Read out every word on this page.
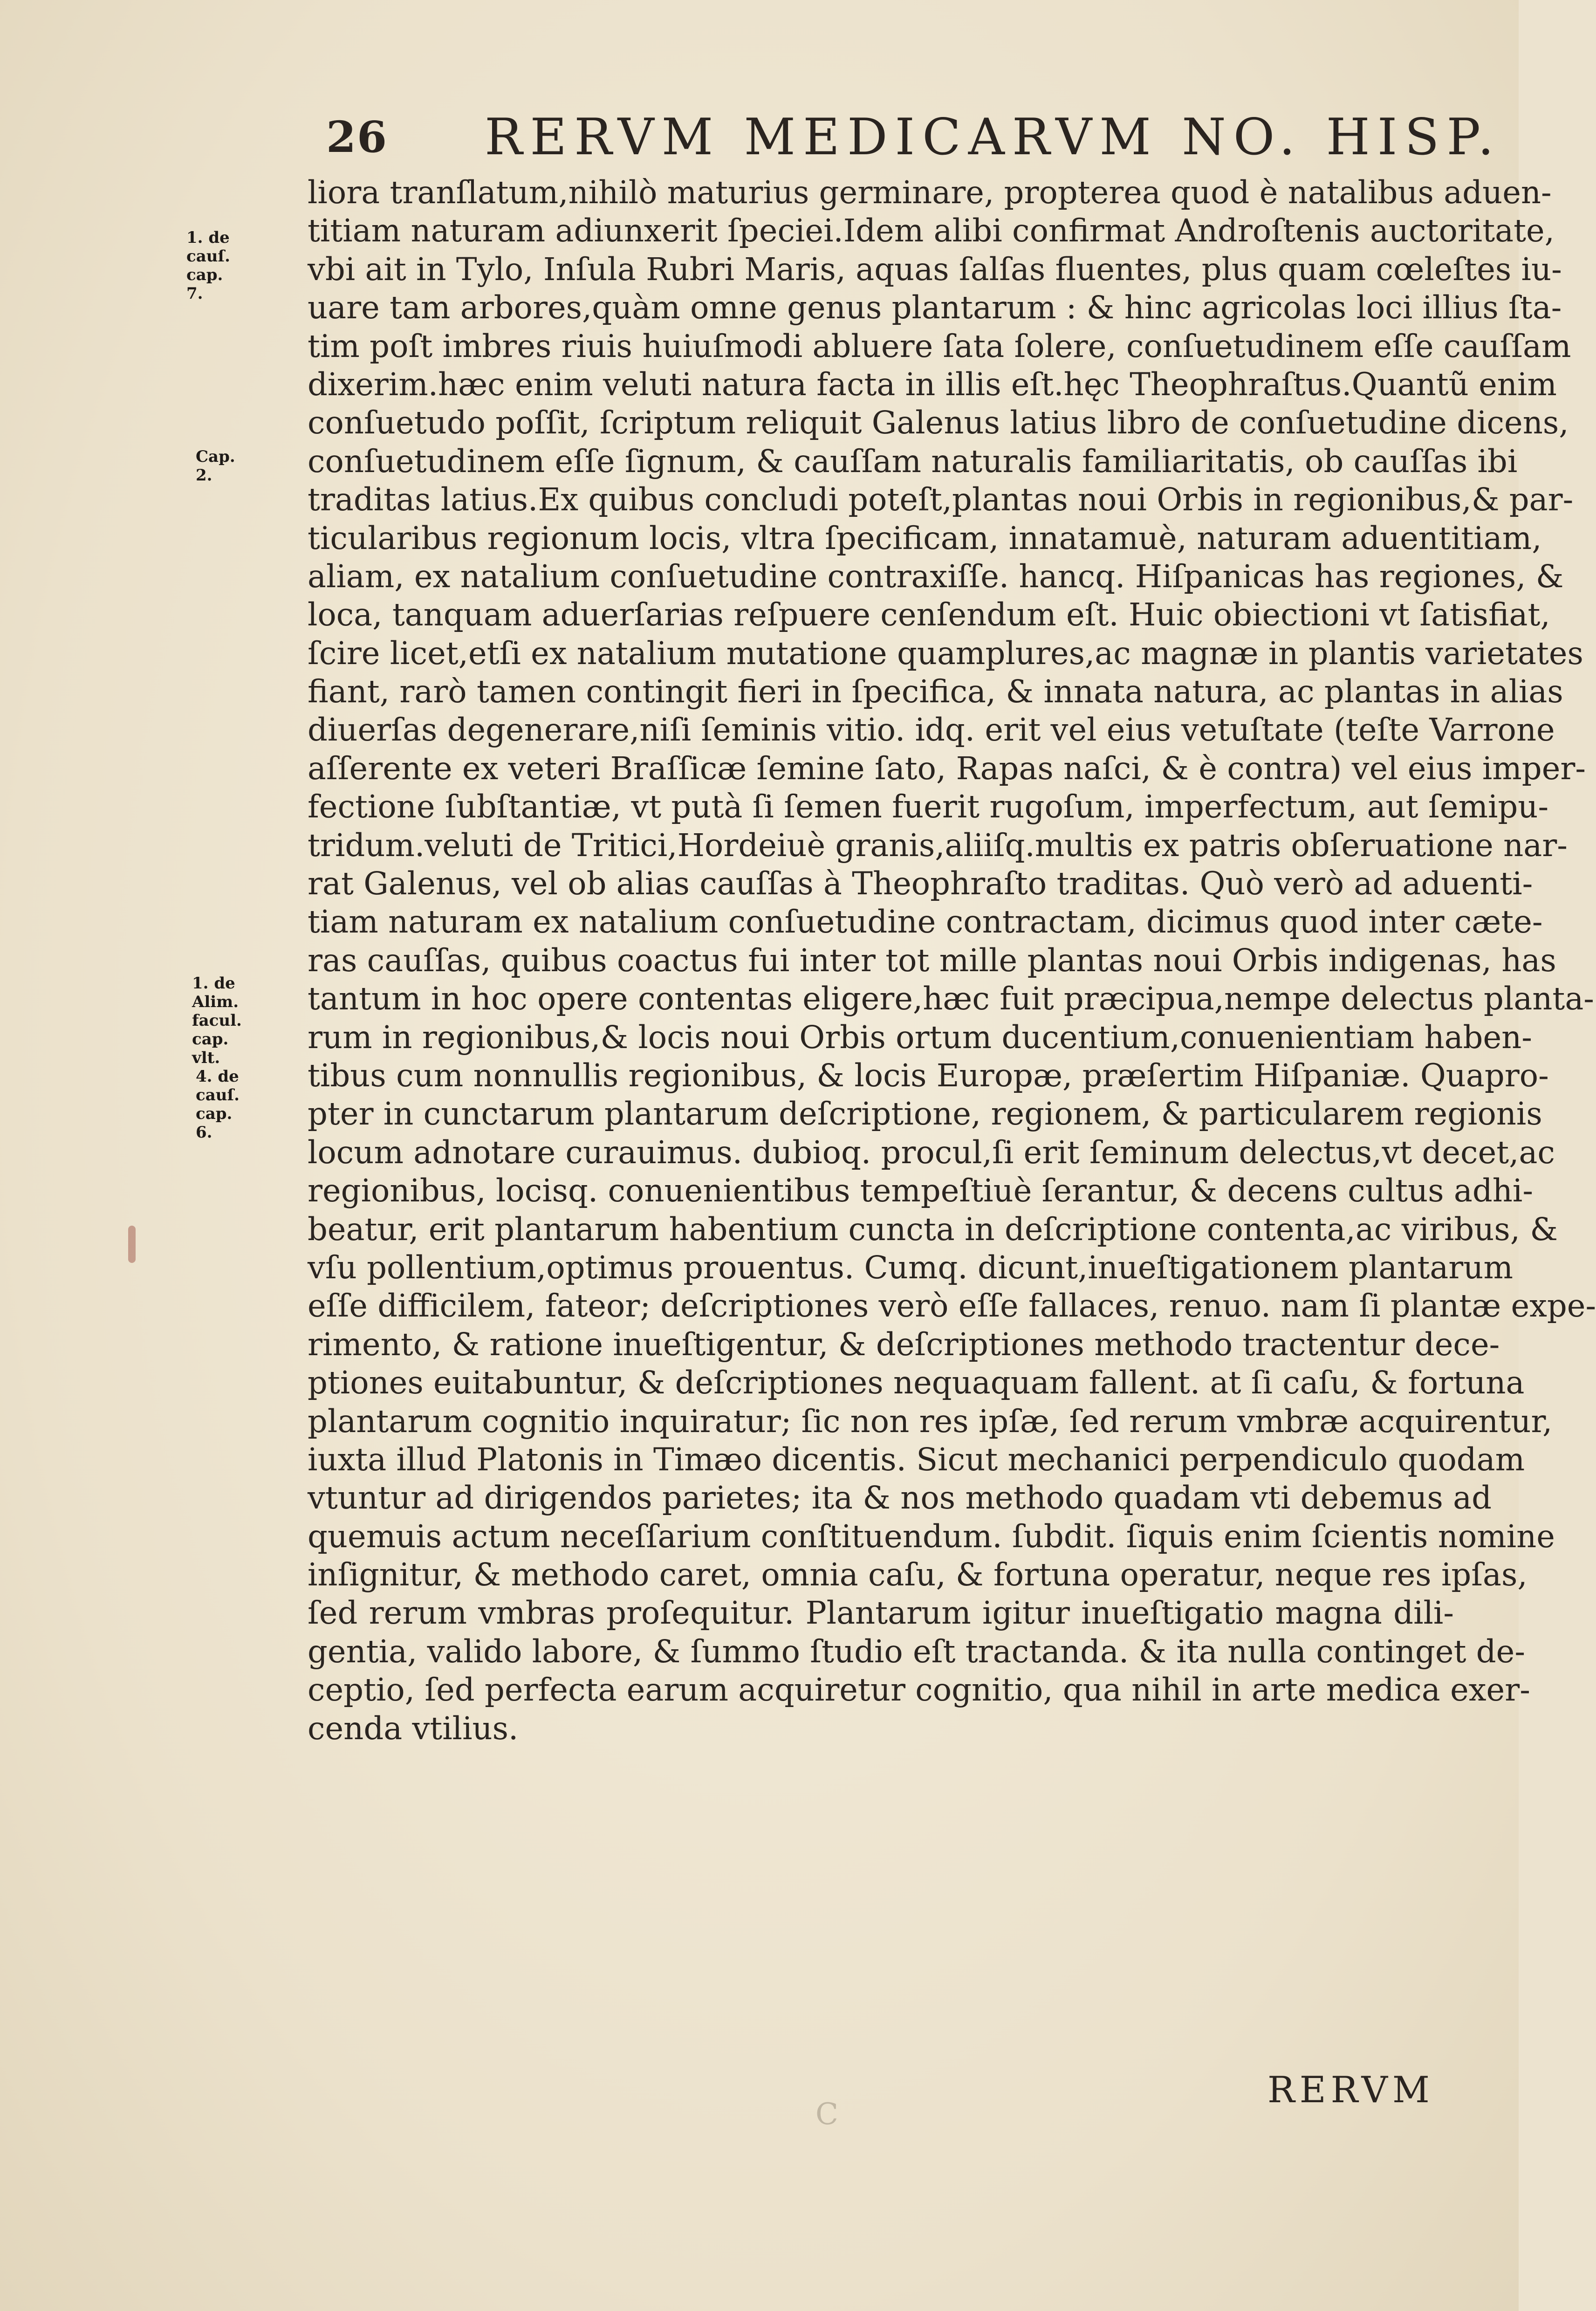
26 RERVM MEDICARVM NO. HISP.
1. de cauſ.
cap. 7.
Cap. 2.
1. de Alim.
facul. cap.
vlt.
4. de cauſ.
cap. 6.
liora tranſlatum,nihilò maturius germinare, propterea quod è natalibus aduen-
titiam naturam adiunxerit ſpeciei.Idem alibi confirmat Androſtenis auctoritate,
vbi ait in Tylo, Inſula Rubri Maris, aquas ſalſas fluentes, plus quam cœleſtes iu-
uare tam arbores,quàm omne genus plantarum : & hinc agricolas loci illius ſta-
tim poſt imbres riuis huiuſmodi abluere ſata ſolere, conſuetudinem eſſe cauſſam
dixerim.hæc enim veluti natura facta in illis eſt.hęc Theophraſtus.Quantũ enim
conſuetudo poſſit, ſcriptum reliquit Galenus latius libro de conſuetudine dicens,
conſuetudinem eſſe ſignum, & cauſſam naturalis familiaritatis, ob cauſſas ibi
traditas latius.Ex quibus concludi poteſt,plantas noui Orbis in regionibus,& par-
ticularibus regionum locis, vltra ſpecificam, innatamuè, naturam aduentitiam,
aliam, ex natalium conſuetudine contraxiſſe. hancq. Hiſpanicas has regiones, &
loca, tanquam aduerſarias reſpuere cenſendum eſt. Huic obiectioni vt ſatisfiat,
ſcire licet,etſi ex natalium mutatione quamplures,ac magnæ in plantis varietates
fiant, rarò tamen contingit fieri in ſpecifica, & innata natura, ac plantas in alias
diuerſas degenerare,niſi ſeminis vitio. idq. erit vel eius vetuſtate (teſte Varrone
aſſerente ex veteri Braſſicæ ſemine ſato, Rapas naſci, & è contra) vel eius imper-
fectione ſubſtantiæ, vt putà ſi ſemen fuerit rugoſum, imperfectum, aut ſemipu-
tridum.veluti de Tritici,Hordeiuè granis,aliiſq.multis ex patris obſeruatione nar-
rat Galenus, vel ob alias cauſſas à Theophraſto traditas. Quò verò ad aduenti-
tiam naturam ex natalium conſuetudine contractam, dicimus quod inter cæte-
ras cauſſas, quibus coactus fui inter tot mille plantas noui Orbis indigenas, has
tantum in hoc opere contentas eligere,hæc fuit præcipua,nempe delectus planta-
rum in regionibus,& locis noui Orbis ortum ducentium,conuenientiam haben-
tibus cum nonnullis regionibus, & locis Europæ, præſertim Hiſpaniæ. Quapro-
pter in cunctarum plantarum deſcriptione, regionem, & particularem regionis
locum adnotare curauimus. dubioq. procul,ſi erit ſeminum delectus,vt decet,ac
regionibus, locisq. conuenientibus tempeſtiuè ſerantur, & decens cultus adhi-
beatur, erit plantarum habentium cuncta in deſcriptione contenta,ac viribus, &
vſu pollentium,optimus prouentus. Cumq. dicunt,inueſtigationem plantarum
eſſe difficilem, fateor; deſcriptiones verò eſſe fallaces, renuo. nam ſi plantæ expe-
rimento, & ratione inueſtigentur, & deſcriptiones methodo tractentur dece-
ptiones euitabuntur, & deſcriptiones nequaquam fallent. at ſi caſu, & fortuna
plantarum cognitio inquiratur; ſic non res ipſæ, ſed rerum vmbræ acquirentur,
iuxta illud Platonis in Timæo dicentis. Sicut mechanici perpendiculo quodam
vtuntur ad dirigendos parietes; ita & nos methodo quadam vti debemus ad
quemuis actum neceſſarium conſtituendum. ſubdit. ſiquis enim ſcientis nomine
inſignitur, & methodo caret, omnia caſu, & fortuna operatur, neque res ipſas,
ſed rerum vmbras proſequitur. Plantarum igitur inueſtigatio magna dili-
gentia, valido labore, & ſummo ſtudio eſt tractanda. & ita nulla continget de-
ceptio, ſed perfecta earum acquiretur cognitio, qua nihil in arte medica exer-
cenda vtilius.
RERVM
C
